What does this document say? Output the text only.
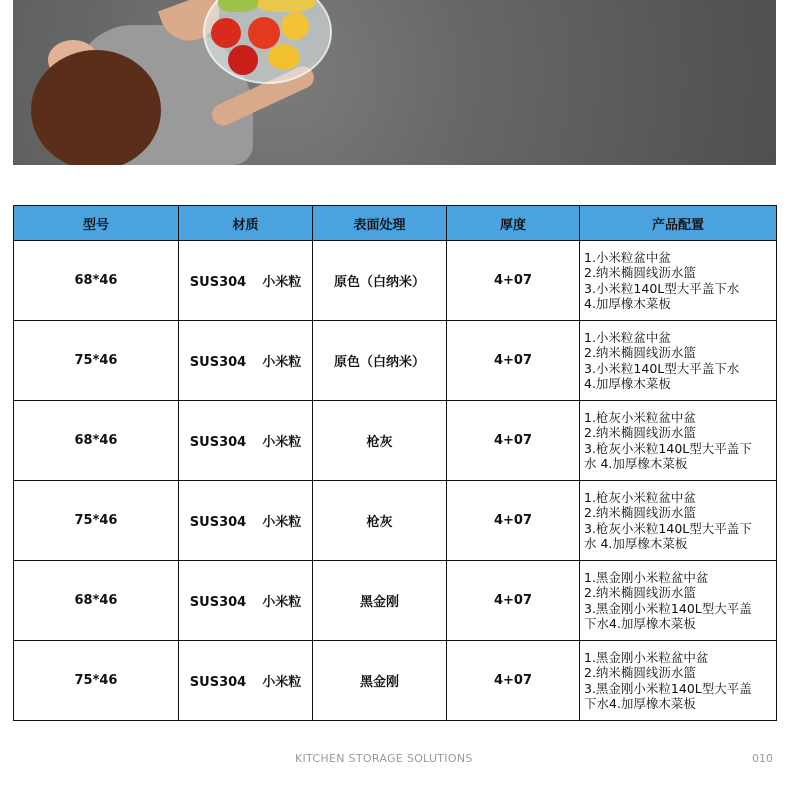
型号	材质	表面处理	厚度	产品配置
68*46	SUS304 小米粒	原色（白纳米）	4+07	1.小米粒盆中盆
2.纳米椭圆线沥水篮
3.小米粒140L型大平盖下水
4.加厚橡木菜板

75*46	SUS304 小米粒	原色（白纳米）	4+07	1.小米粒盆中盆
2.纳米椭圆线沥水篮
3.小米粒140L型大平盖下水
4.加厚橡木菜板

68*46	SUS304 小米粒	枪灰	4+07	1.枪灰小米粒盆中盆
2.纳米椭圆线沥水篮
3.枪灰小米粒140L型大平盖下
水 4.加厚橡木菜板

75*46	SUS304 小米粒	枪灰	4+07	1.枪灰小米粒盆中盆
2.纳米椭圆线沥水篮
3.枪灰小米粒140L型大平盖下
水 4.加厚橡木菜板

68*46	SUS304 小米粒	黑金刚	4+07	1.黑金刚小米粒盆中盆
2.纳米椭圆线沥水篮
3.黑金刚小米粒140L型大平盖
下水4.加厚橡木菜板

75*46	SUS304 小米粒	黑金刚	4+07	1.黑金刚小米粒盆中盆
2.纳米椭圆线沥水篮
3.黑金刚小米粒140L型大平盖
下水4.加厚橡木菜板
KITCHEN STORAGE SOLUTIONS	010
